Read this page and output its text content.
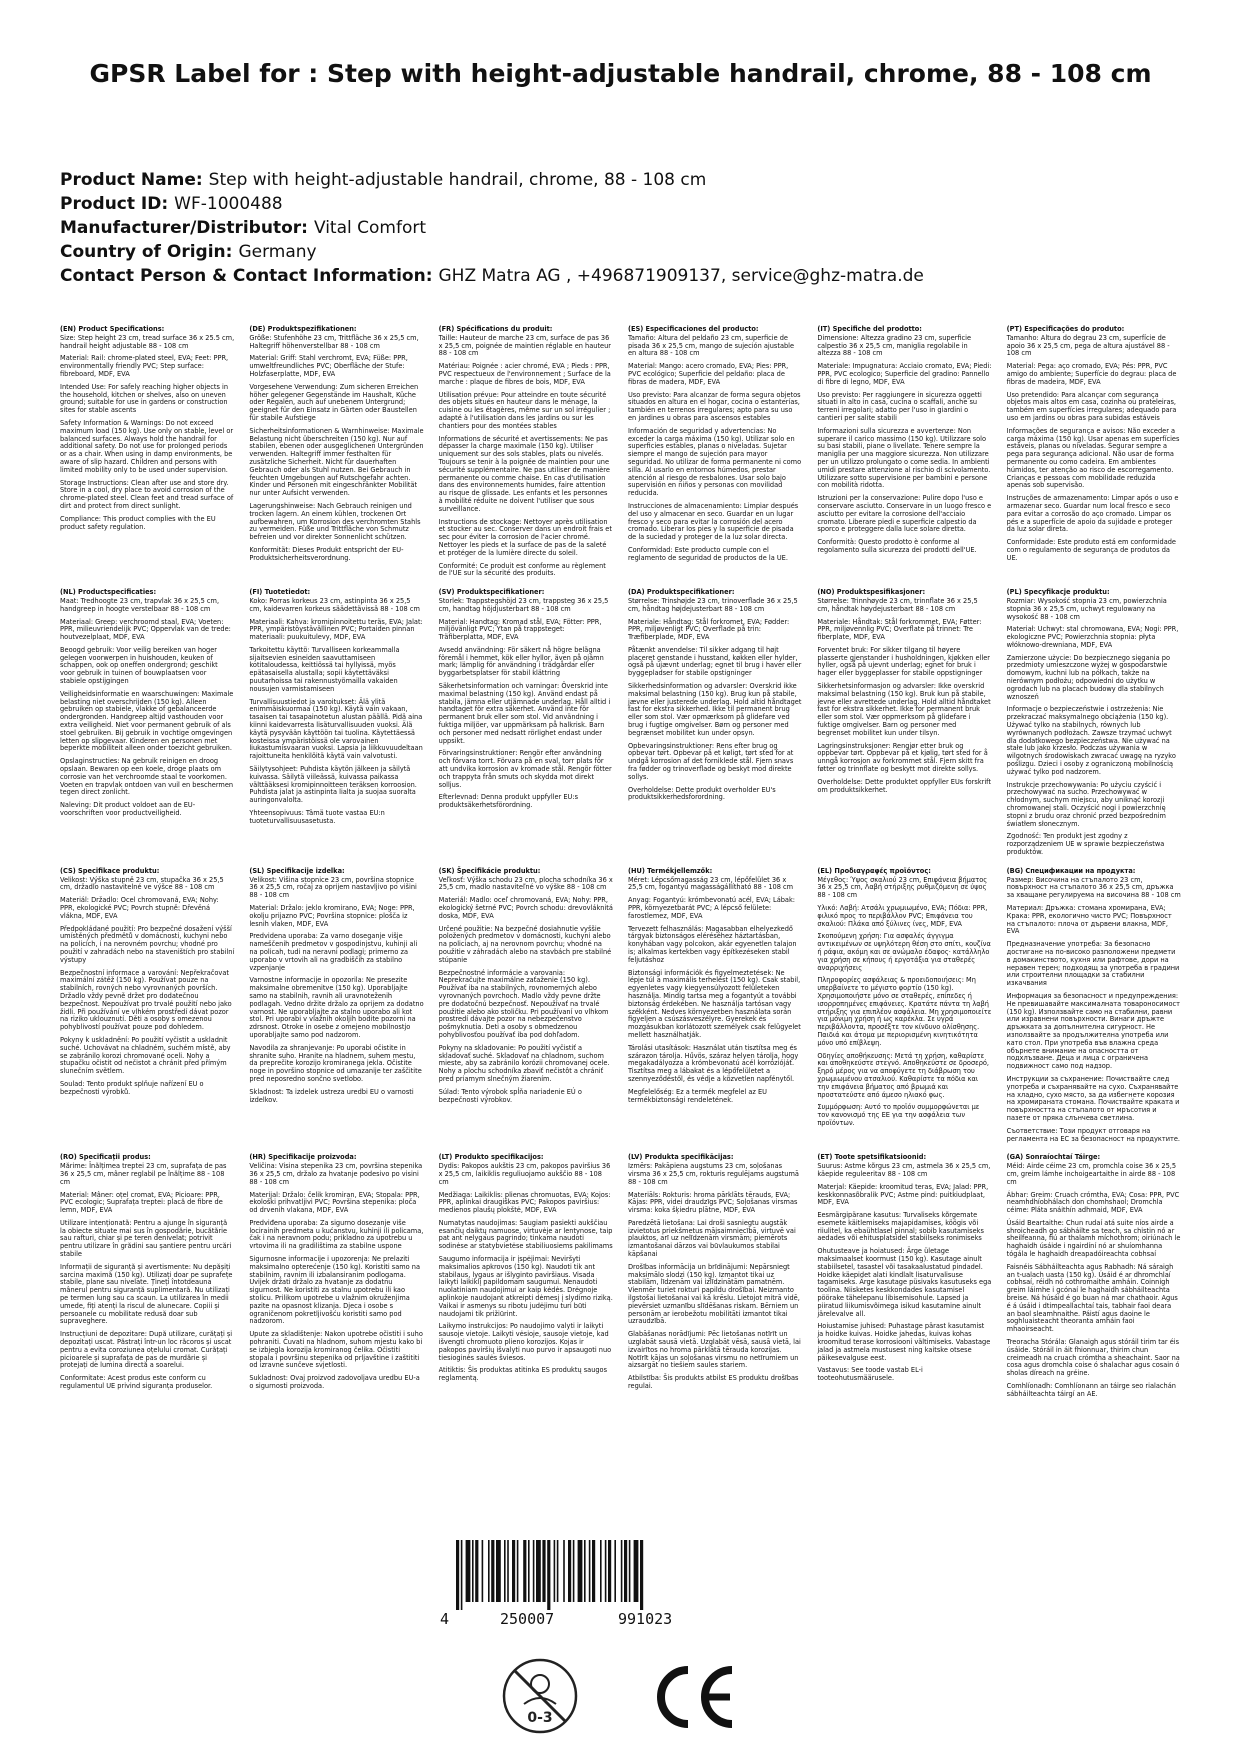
GPSR Label for : Step with height-adjustable handrail, chrome, 88 - 108 cm
Product Name: Step with height-adjustable handrail, chrome, 88 - 108 cm
Product ID: WF-1000488
Manufacturer/Distributor: Vital Comfort
Country of Origin: Germany
Contact Person & Contact Information: GHZ Matra AG , +496871909137, service@ghz-matra.de
(EN) Product Specifications:
Size: Step height 23 cm, tread surface 36 x 25.5 cm, handrail height adjustable 88 - 108 cm
Material: Rail: chrome-plated steel, EVA; Feet: PPR, environmentally friendly PVC; Step surface: fibreboard, MDF, EVA
Intended Use: For safely reaching higher objects in the household, kitchen or shelves, also on uneven ground; suitable for use in gardens or construction sites for stable ascents
Safety Information & Warnings: Do not exceed maximum load (150 kg). Use only on stable, level or balanced surfaces. Always hold the handrail for additional safety. Do not use for prolonged periods or as a chair. When using in damp environments, be aware of slip hazard. Children and persons with limited mobility only to be used under supervision.
Storage Instructions: Clean after use and store dry. Store in a cool, dry place to avoid corrosion of the chrome-plated steel. Clean feet and tread surface of dirt and protect from direct sunlight.
Compliance: This product complies with the EU product safety regulation.
(DE) Produktspezifikationen:
Größe: Stufenhöhe 23 cm, Trittfläche 36 x 25,5 cm, Haltegriff höhenverstellbar 88 - 108 cm
Material: Griff: Stahl verchromt, EVA; Füße: PPR, umweltfreundliches PVC; Oberfläche der Stufe: Holzfaserplatte, MDF, EVA
Vorgesehene Verwendung: Zum sicheren Erreichen höher gelegener Gegenstände im Haushalt, Küche oder Regalen, auch auf unebenem Untergrund; geeignet für den Einsatz in Gärten oder Baustellen für stabile Aufstiege
Sicherheitsinformationen & Warnhinweise: Maximale Belastung nicht überschreiten (150 kg). Nur auf stabilen, ebenen oder ausgeglichenen Untergründen verwenden. Haltegriff immer festhalten für zusätzliche Sicherheit. Nicht für dauerhaften Gebrauch oder als Stuhl nutzen. Bei Gebrauch in feuchten Umgebungen auf Rutschgefahr achten. Kinder und Personen mit eingeschränkter Mobilität nur unter Aufsicht verwenden.
Lagerungshinweise: Nach Gebrauch reinigen und trocken lagern. An einem kühlen, trockenen Ort aufbewahren, um Korrosion des verchromten Stahls zu vermeiden. Füße und Trittfläche von Schmutz befreien und vor direkter Sonnenlicht schützen.
Konformität: Dieses Produkt entspricht der EU-Produktsicherheitsverordnung.
(FR) Spécifications du produit:
Taille: Hauteur de marche 23 cm, surface de pas 36 x 25,5 cm, poignée de maintien réglable en hauteur 88 - 108 cm
Matériau: Poignée : acier chromé, EVA ; Pieds : PPR, PVC respectueux de l'environnement ; Surface de la marche : plaque de fibres de bois, MDF, EVA
Utilisation prévue: Pour atteindre en toute sécurité des objets situés en hauteur dans le ménage, la cuisine ou les étagères, même sur un sol irrégulier ; adapté à l'utilisation dans les jardins ou sur les chantiers pour des montées stables
Informations de sécurité et avertissements: Ne pas dépasser la charge maximale (150 kg). Utiliser uniquement sur des sols stables, plats ou nivelés. Toujours se tenir à la poignée de maintien pour une sécurité supplémentaire. Ne pas utiliser de manière permanente ou comme chaise. En cas d'utilisation dans des environnements humides, faire attention au risque de glissade. Les enfants et les personnes à mobilité réduite ne doivent l'utiliser que sous surveillance.
Instructions de stockage: Nettoyer après utilisation et stocker au sec. Conserver dans un endroit frais et sec pour éviter la corrosion de l'acier chromé. Nettoyer les pieds et la surface de pas de la saleté et protéger de la lumière directe du soleil.
Conformité: Ce produit est conforme au règlement de l'UE sur la sécurité des produits.
(ES) Especificaciones del producto:
Tamaño: Altura del peldaño 23 cm, superficie de pisada 36 x 25,5 cm, mango de sujeción ajustable en altura 88 - 108 cm
Material: Mango: acero cromado, EVA; Pies: PPR, PVC ecológico; Superficie del peldaño: placa de fibras de madera, MDF, EVA
Uso previsto: Para alcanzar de forma segura objetos situados en altura en el hogar, cocina o estanterías, también en terrenos irregulares; apto para su uso en jardines u obras para ascensos estables
Información de seguridad y advertencias: No exceder la carga máxima (150 kg). Utilizar solo en superficies estables, planas o niveladas. Sujetar siempre el mango de sujeción para mayor seguridad. No utilizar de forma permanente ni como silla. Al usarlo en entornos húmedos, prestar atención al riesgo de resbalones. Usar solo bajo supervisión en niños y personas con movilidad reducida.
Instrucciones de almacenamiento: Limpiar después del uso y almacenar en seco. Guardar en un lugar fresco y seco para evitar la corrosión del acero cromado. Liberar los pies y la superficie de pisada de la suciedad y proteger de la luz solar directa.
Conformidad: Este producto cumple con el reglamento de seguridad de productos de la UE.
(IT) Specifiche del prodotto:
Dimensione: Altezza gradino 23 cm, superficie calpestio 36 x 25,5 cm, maniglia regolabile in altezza 88 - 108 cm
Materiale: Impugnatura: Acciaio cromato, EVA; Piedi: PPR, PVC ecologico; Superficie del gradino: Pannello di fibre di legno, MDF, EVA
Uso previsto: Per raggiungere in sicurezza oggetti situati in alto in casa, cucina o scaffali, anche su terreni irregolari; adatto per l'uso in giardini o cantieri per salite stabili
Informazioni sulla sicurezza e avvertenze: Non superare il carico massimo (150 kg). Utilizzare solo su basi stabili, piane o livellate. Tenere sempre la maniglia per una maggiore sicurezza. Non utilizzare per un utilizzo prolungato o come sedia. In ambienti umidi prestare attenzione al rischio di scivolamento. Utilizzare sotto supervisione per bambini e persone con mobilità ridotta.
Istruzioni per la conservazione: Pulire dopo l'uso e conservare asciutto. Conservare in un luogo fresco e asciutto per evitare la corrosione dell'acciaio cromato. Liberare piedi e superficie calpestio da sporco e proteggere dalla luce solare diretta.
Conformità: Questo prodotto è conforme al regolamento sulla sicurezza dei prodotti dell'UE.
(PT) Especificações do produto:
Tamanho: Altura do degrau 23 cm, superfície de apoio 36 x 25,5 cm, pega de altura ajustável 88 - 108 cm
Material: Pega: aço cromado, EVA; Pés: PPR, PVC amigo do ambiente; Superfície do degrau: placa de fibras de madeira, MDF, EVA
Uso pretendido: Para alcançar com segurança objetos mais altos em casa, cozinha ou prateleiras, também em superfícies irregulares; adequado para uso em jardins ou obras para subidas estáveis
Informações de segurança e avisos: Não exceder a carga máxima (150 kg). Usar apenas em superfícies estáveis, planas ou niveladas. Segurar sempre a pega para segurança adicional. Não usar de forma permanente ou como cadeira. Em ambientes húmidos, ter atenção ao risco de escorregamento. Crianças e pessoas com mobilidade reduzida apenas sob supervisão.
Instruções de armazenamento: Limpar após o uso e armazenar seco. Guardar num local fresco e seco para evitar a corrosão do aço cromado. Limpar os pés e a superfície de apoio da sujidade e proteger da luz solar direta.
Conformidade: Este produto está em conformidade com o regulamento de segurança de produtos da UE.
(NL) Productspecificaties:
Maat: Tredhoogte 23 cm, trapvlak 36 x 25,5 cm, handgreep in hoogte verstelbaar 88 - 108 cm
Materiaal: Greep: verchroomd staal, EVA; Voeten: PPR, milieuvriendelijk PVC; Oppervlak van de trede: houtvezelplaat, MDF, EVA
Beoogd gebruik: Voor veilig bereiken van hoger gelegen voorwerpen in huishouden, keuken of schappen, ook op oneffen ondergrond; geschikt voor gebruik in tuinen of bouwplaatsen voor stabiele opstijgingen
Veiligheidsinformatie en waarschuwingen: Maximale belasting niet overschrijden (150 kg). Alleen gebruiken op stabiele, vlakke of gebalanceerde ondergronden. Handgreep altijd vasthouden voor extra veiligheid. Niet voor permanent gebruik of als stoel gebruiken. Bij gebruik in vochtige omgevingen letten op slipgevaar. Kinderen en personen met beperkte mobiliteit alleen onder toezicht gebruiken.
Opslaginstructies: Na gebruik reinigen en droog opslaan. Bewaren op een koele, droge plaats om corrosie van het verchroomde staal te voorkomen. Voeten en trapvlak ontdoen van vuil en beschermen tegen direct zonlicht.
Naleving: Dit product voldoet aan de EU-voorschriften voor productveiligheid.
(FI) Tuotetiedot:
Koko: Porras korkeus 23 cm, astinpinta 36 x 25,5 cm, kaidevarren korkeus säädettävissä 88 - 108 cm
Materiaali: Kahva: kromipinnoitettu teräs, EVA; Jalat: PPR, ympäristöystävällinen PVC; Portaiden pinnan materiaali: puukuitulevy, MDF, EVA
Tarkoitettu käyttö: Turvalliseen korkeammalla sijaitsevien esineiden saavuttamiseen kotitaloudessa, keittiössä tai hyllyissä, myös epätasaisella alustalla; sopii käytettäväksi puutarhoissa tai rakennustyömailla vakaiden nousujen varmistamiseen
Turvallisuustiedot ja varoitukset: Älä ylitä enimmäiskuormaa (150 kg). Käytä vain vakaan, tasaisen tai tasapainotetun alustan päällä. Pidä aina kiinni kaidevarresta lisäturvallisuuden vuoksi. Älä käytä pysyvään käyttöön tai tuolina. Käytettäessä kosteissa ympäristöissä ole varovainen liukastumisvaaran vuoksi. Lapsia ja liikkuvuudeltaan rajoittuneita henkilöitä käytä vain valvotusti.
Säilytysohjeet: Puhdista käytön jälkeen ja säilytä kuivassa. Säilytä viileässä, kuivassa paikassa välttääksesi kromipinnoitteen teräksen korroosion. Puhdista jalat ja astinpinta lialta ja suojaa suoralta auringonvalolta.
Yhteensopivuus: Tämä tuote vastaa EU:n tuoteturvallisuusasetusta.
(SV) Produktspecifikationer:
Storlek: Trappstegshöjd 23 cm, trappsteg 36 x 25,5 cm, handtag höjdjusterbart 88 - 108 cm
Material: Handtag: Kromad stål, EVA; Fötter: PPR, miljövänligt PVC; Ytan på trappsteget: Träfiberplatta, MDF, EVA
Avsedd användning: För säkert nå högre belägna föremål i hemmet, kök eller hyllor, även på ojämn mark; lämplig för användning i trädgårdar eller byggarbetsplatser för stabil klättring
Säkerhetsinformation och varningar: Överskrid inte maximal belastning (150 kg). Använd endast på stabila, jämna eller utjämnade underlag. Håll alltid i handtaget för extra säkerhet. Använd inte för permanent bruk eller som stol. Vid användning i fuktiga miljöer, var uppmärksam på halkrisk. Barn och personer med nedsatt rörlighet endast under uppsikt.
Förvaringsinstruktioner: Rengör efter användning och förvara torrt. Förvara på en sval, torr plats för att undvika korrosion av kromade stål. Rengör fötter och trappyta från smuts och skydda mot direkt solljus.
Efterlevnad: Denna produkt uppfyller EU:s produktsäkerhetsförordning.
(DA) Produktspecifikationer:
Størrelse: Trinshøjde 23 cm, trinoverflade 36 x 25,5 cm, håndtag højdejusterbart 88 - 108 cm
Materiale: Håndtag: Stål forkromet, EVA; Fødder: PPR, miljøvenligt PVC; Overflade på trin: Træfiberplade, MDF, EVA
Påtænkt anvendelse: Til sikker adgang til højt placeret genstande i husstand, køkken eller hylder, også på ujævnt underlag; egnet til brug i haver eller byggepladser for stabile opstigninger
Sikkerhedsinformation og advarsler: Overskrid ikke maksimal belastning (150 kg). Brug kun på stabile, jævne eller justerede underlag. Hold altid håndtaget fast for ekstra sikkerhed. Ikke til permanent brug eller som stol. Vær opmærksom på glidefare ved brug i fugtige omgivelser. Børn og personer med begrænset mobilitet kun under opsyn.
Opbevaringsinstruktioner: Rens efter brug og opbevar tørt. Opbevar på et køligt, tørt sted for at undgå korrosion af det forniklede stål. Fjern snavs fra fødder og trinoverflade og beskyt mod direkte sollys.
Overholdelse: Dette produkt overholder EU's produktsikkerhedsforordning.
(NO) Produktspesifikasjoner:
Størrelse: Trinnhøyde 23 cm, trinnflate 36 x 25,5 cm, håndtak høydejusterbart 88 - 108 cm
Materiale: Håndtak: Stål forkrommet, EVA; Føtter: PPR, miljøvennlig PVC; Overflate på trinnet: Tre fiberplate, MDF, EVA
Forventet bruk: For sikker tilgang til høyere plasserte gjenstander i husholdningen, kjøkken eller hyller, også på ujevnt underlag; egnet for bruk i hager eller byggeplasser for stabile oppstigninger
Sikkerhetsinformasjon og advarsler: Ikke overskrid maksimal belastning (150 kg). Bruk kun på stabile, jevne eller avrettede underlag. Hold alltid håndtaket fast for ekstra sikkerhet. Ikke for permanent bruk eller som stol. Vær oppmerksom på glidefare i fuktige omgivelser. Barn og personer med begrenset mobilitet kun under tilsyn.
Lagringsinstruksjoner: Rengjør etter bruk og oppbevar tørt. Oppbevar på et kjølig, tørt sted for å unngå korrosjon av forkrommet stål. Fjern skitt fra føtter og trinnflate og beskytt mot direkte sollys.
Overholdelse: Dette produktet oppfyller EUs forskrift om produktsikkerhet.
(PL) Specyfikacje produktu:
Rozmiar: Wysokość stopnia 23 cm, powierzchnia stopnia 36 x 25,5 cm, uchwyt regulowany na wysokość 88 - 108 cm
Materiał: Uchwyt: stal chromowana, EVA; Nogi: PPR, ekologiczne PVC; Powierzchnia stopnia: płyta włóknowo-drewniana, MDF, EVA
Zamierzone użycie: Do bezpiecznego sięgania po przedmioty umieszczone wyżej w gospodarstwie domowym, kuchni lub na półkach, także na nierównym podłożu; odpowiedni do użytku w ogrodach lub na placach budowy dla stabilnych wznoszeń
Informacje o bezpieczeństwie i ostrzeżenia: Nie przekraczać maksymalnego obciążenia (150 kg). Używać tylko na stabilnych, równych lub wyrównanych podłożach. Zawsze trzymać uchwyt dla dodatkowego bezpieczeństwa. Nie używać na stałe lub jako krzesło. Podczas używania w wilgotnych środowiskach zwracać uwagę na ryzyko poślizgu. Dzieci i osoby z ograniczoną mobilnością używać tylko pod nadzorem.
Instrukcje przechowywania: Po użyciu czyścić i przechowywać na sucho. Przechowywać w chłodnym, suchym miejscu, aby uniknąć korozji chromowanej stali. Oczyścić nogi i powierzchnię stopni z brudu oraz chronić przed bezpośrednim światłem słonecznym.
Zgodność: Ten produkt jest zgodny z rozporządzeniem UE w sprawie bezpieczeństwa produktów.
(CS) Specifikace produktu:
Velikost: Výška stupně 23 cm, stupačka 36 x 25,5 cm, držadlo nastavitelné ve výšce 88 - 108 cm
Materiál: Držadlo: Ocel chromovaná, EVA; Nohy: PPR, ekologické PVC; Povrch stupně: Dřevěná vlákna, MDF, EVA
Předpokládané použití: Pro bezpečné dosažení výšší umístěných předmětů v domácnosti, kuchyni nebo na policích, i na nerovném povrchu; vhodné pro použití v zahradách nebo na staveništích pro stabilní výstupy
Bezpečnostní informace a varování: Nepřekračovat maximální zátěž (150 kg). Používat pouze na stabilních, rovných nebo vyrovnaných površích. Držadlo vždy pevně držet pro dodatečnou bezpečnost. Nepoužívat pro trvalé použití nebo jako židli. Při používání ve vlhkém prostředí dávat pozor na riziko uklouznutí. Děti a osoby s omezenou pohyblivostí používat pouze pod dohledem.
Pokyny k uskladnění: Po použití vyčistit a uskladnit suché. Uchovávat na chladném, suchém místě, aby se zabránilo korozi chromované oceli. Nohy a stupačku očistit od nečistot a chránit před přímým slunečním světlem.
Soulad: Tento produkt splňuje nařízení EU o bezpečnosti výrobků.
(SL) Specifikacije izdelka:
Velikost: Višina stopnice 23 cm, površina stopnice 36 x 25,5 cm, ročaj za oprijem nastavljivo po višini 88 - 108 cm
Material: Držalo: jeklo kromirano, EVA; Noge: PPR, okolju prijazno PVC; Površina stopnice: plošča iz lesnih vlaken, MDF, EVA
Predvidena uporaba: Za varno doseganje višje nameščenih predmetov v gospodinjstvu, kuhinji ali na policah, tudi na neravni podlagi; primerno za uporabo v vrtovih ali na gradbiščih za stabilno vzpenjanje
Varnostne informacije in opozorila: Ne presezite maksimalne obremenitve (150 kg). Uporabljajte samo na stabilnih, ravnih ali uravnoteženih podlagah. Vedno držite držalo za oprijem za dodatno varnost. Ne uporabljajte za stalno uporabo ali kot stol. Pri uporabi v vlažnih okoljih bodite pozorni na zdrsnost. Otroke in osebe z omejeno mobilnostjo uporabljajte samo pod nadzorom.
Navodila za shranjevanje: Po uporabi očistite in shranite suho. Hranite na hladnem, suhem mestu, da preprečite korozijo kromiranega jekla. Očistite noge in površino stopnice od umazanije ter zaščitite pred neposredno sončno svetlobo.
Skladnost: Ta izdelek ustreza uredbi EU o varnosti izdelkov.
(SK) Špecifikácie produktu:
Veľkosť: Výška schodu 23 cm, plocha schodníka 36 x 25,5 cm, madlo nastaviteľné vo výške 88 - 108 cm
Materiál: Madlo: oceľ chromovaná, EVA; Nohy: PPR, ekologický šetrné PVC; Povrch schodu: drevovláknitá doska, MDF, EVA
Určené použitie: Na bezpečné dosiahnutie vyššie položených predmetov v domácnosti, kuchyni alebo na policiach, aj na nerovnom povrchu; vhodné na použitie v záhradách alebo na stavbách pre stabilné stúpanie
Bezpečnostné informácie a varovania: Neprekračujte maximálne zaťaženie (150 kg). Používať iba na stabilných, rovnomerných alebo vyrovnaných povrchoch. Madlo vždy pevne držte pre dodatočnú bezpečnosť. Nepoužívať na trvalé použitie alebo ako stoličku. Pri používaní vo vlhkom prostredí dávajte pozor na nebezpečenstvo pošmyknutia. Deti a osoby s obmedzenou pohyblivosťou používať iba pod dohľadom.
Pokyny na skladovanie: Po použití vyčistiť a skladovať suché. Skladovať na chladnom, suchom mieste, aby sa zabránilo korózii chromovanej ocele. Nohy a plochu schodníka zbaviť nečistôt a chrániť pred priamym slnečným žiarením.
Súlad: Tento výrobok spĺňa nariadenie EÚ o bezpečnosti výrobkov.
(HU) Termékjellemzők:
Méret: Lépcsőmagasság 23 cm, lépőfelület 36 x 25,5 cm, fogantyú magasságállítható 88 - 108 cm
Anyag: Fogantyú: krómbevonatú acél, EVA; Lábak: PPR, környezetbarát PVC; A lépcső felülete: farostlemez, MDF, EVA
Tervezett felhasználás: Magasabban elhelyezkedő tárgyak biztonságos eléréséhez háztartásban, konyhában vagy polcokon, akár egyenetlen talajon is; alkalmas kertekben vagy építkezéseken stabil feljutáshoz
Biztonsági információk és figyelmeztetések: Ne lépje túl a maximális terhelést (150 kg). Csak stabil, egyenletes vagy kiegyensúlyozott felületeken használja. Mindig tartsa meg a fogantyút a további biztonság érdekében. Ne használja tartósan vagy székként. Nedves környezetben használata során figyeljen a csúszásveszélyre. Gyerekek és mozgásukban korlátozott személyek csak felügyelet mellett használhatják.
Tárolási utasítások: Használat után tisztítsa meg és szárazon tárolja. Hűvös, száraz helyen tárolja, hogy megakadályozza a krómbevonatú acél korrózióját. Tisztítsa meg a lábakat és a lépőfelületet a szennyeződéstől, és védje a közvetlen napfénytől.
Megfelelőség: Ez a termék megfelel az EU termékbiztonsági rendeletének.
(EL) Προδιαγραφές προϊόντος:
Μέγεθος: Ύψος σκαλιού 23 cm, Επιφάνεια βήματος 36 x 25,5 cm, Λαβή στήριξης ρυθμιζόμενη σε ύψος 88 - 108 cm
Υλικό: Λαβή: Ατσάλι χρωμιωμένο, EVA; Πόδια: PPR, φιλικό προς το περιβάλλον PVC; Επιφάνεια του σκαλιού: Πλάκα από ξύλινες ίνες, MDF, EVA
Σκοπούμενη χρήση: Για ασφαλές άγγιγμα αντικειμένων σε υψηλότερη θέση στο σπίτι, κουζίνα ή ράφια, ακόμη και σε ανώμαλο έδαφος· κατάλληλο για χρήση σε κήπους ή εργοτάξια για σταθερές αναρριχήσεις
Πληροφορίες ασφάλειας & προειδοποιήσεις: Μη υπερβαίνετε το μέγιστο φορτίο (150 kg). Χρησιμοποιήστε μόνο σε σταθερές, επίπεδες ή ισορροπημένες επιφάνειες. Κρατάτε πάντα τη λαβή στήριξης για επιπλέον ασφάλεια. Μη χρησιμοποιείτε για μόνιμη χρήση ή ως καρέκλα. Σε υγρά περιβάλλοντα, προσέξτε τον κίνδυνο ολίσθησης. Παιδιά και άτομα με περιορισμένη κινητικότητα μόνο υπό επίβλεψη.
Οδηγίες αποθήκευσης: Μετά τη χρήση, καθαρίστε και αποθηκεύστε στεγνό. Αποθηκεύστε σε δροσερό, ξηρό μέρος για να αποφύγετε τη διάβρωση του χρωμιωμένου ατσαλιού. Καθαρίστε τα πόδια και την επιφάνεια βήματος από βρωμιά και προστατεύστε από άμεσο ηλιακό φως.
Συμμόρφωση: Αυτό το προϊόν συμμορφώνεται με τον κανονισμό της ΕΕ για την ασφάλεια των προϊόντων.
(BG) Спецификации на продукта:
Размер: Височина на стъпалото 23 cm, повърхност на стъпалото 36 x 25,5 cm, дръжка за хващане регулируема на височина 88 - 108 cm
Материал: Дръжка: стомана хромирана, EVA; Крака: PPR, екологично чисто PVC; Повърхност на стъпалото: плоча от дървени влакна, MDF, EVA
Предназначение употреба: За безопасно достигане на по-високо разположени предмети в домакинството, кухня или рафтове, дори на неравен терен; подходящ за употреба в градини или строителни площадки за стабилни изкачвания
Информация за безопасност и предупреждения: Не превишавайте максималната товароносимост (150 kg). Използвайте само на стабилни, равни или изравнени повърхности. Винаги дръжте дръжката за допълнителна сигурност. Не използвайте за продължителна употреба или като стол. При употреба във влажна среда обърнете внимание на опасността от подхлъзване. Деца и лица с ограничена подвижност само под надзор.
Инструкции за съхранение: Почиствайте след употреба и съхранявайте на сухо. Съхранявайте на хладно, сухо място, за да избегнете корозия на хромираната стомана. Почиствайте краката и повърхността на стъпалото от мръсотия и пазете от пряка слънчева светлина.
Съответствие: Този продукт отговаря на регламента на ЕС за безопасност на продуктите.
(RO) Specificații produs:
Mărime: Înălțimea treptei 23 cm, suprafața de pas 36 x 25,5 cm, mâner reglabil pe înălțime 88 - 108 cm
Material: Mâner: oțel cromat, EVA; Picioare: PPR, PVC ecologic; Suprafața treptei: placă de fibre de lemn, MDF, EVA
Utilizare intenționată: Pentru a ajunge în siguranță la obiecte situate mai sus în gospodărie, bucătărie sau rafturi, chiar și pe teren denivelat; potrivit pentru utilizare în grădini sau șantiere pentru urcări stabile
Informații de siguranță și avertismente: Nu depășiți sarcina maximă (150 kg). Utilizați doar pe suprafețe stabile, plane sau nivelate. Țineți întotdeauna mânerul pentru siguranță suplimentară. Nu utilizați pe termen lung sau ca scaun. La utilizarea în medii umede, fiți atenți la riscul de alunecare. Copiii și persoanele cu mobilitate redusă doar sub supraveghere.
Instrucțiuni de depozitare: După utilizare, curățați și depozitați uscat. Păstrați într-un loc răcoros și uscat pentru a evita coroziunea oțelului cromat. Curățați picioarele și suprafața de pas de murdărie și protejați de lumina directă a soarelui.
Conformitate: Acest produs este conform cu regulamentul UE privind siguranța produselor.
(HR) Specifikacije proizvoda:
Veličina: Visina stepenika 23 cm, površina stepenika 36 x 25,5 cm, držalo za hvatanje podesivo po visini 88 - 108 cm
Materijal: Držalo: čelik kromiran, EVA; Stopala: PPR, ekološki prihvatljivi PVC; Površina stepenika: ploča od drvenih vlakana, MDF, EVA
Predviđena uporaba: Za sigurno dosezanje više locirainih predmeta u kućanstvu, kuhinji ili policama, čak i na neravnom podu; prikladno za upotrebu u vrtovima ili na gradilištima za stabilne uspone
Sigurnosne informacije i upozorenja: Ne prelaziti maksimalno opterećenje (150 kg). Koristiti samo na stabilnim, ravnim ili izbalansiranim podlogama. Uvijek držati držalo za hvatanje za dodatnu sigurnost. Ne koristiti za stalnu upotrebu ili kao stolicu. Prilikom upotrebe u vlažnim okruženjima pazite na opasnost klizanja. Djeca i osobe s ograničenom pokretljivošću koristiti samo pod nadzorom.
Upute za skladištenje: Nakon upotrebe očistiti i suho pohraniti. Čuvati na hladnom, suhom mjestu kako bi se izbjegla korozija kromiranog čelika. Očistiti stopala i površinu stepenika od prljavštine i zaštititi od izravne sunčeve svjetlosti.
Sukladnost: Ovaj proizvod zadovoljava uredbu EU-a o sigurnosti proizvoda.
(LT) Produkto specifikacijos:
Dydis: Pakopos aukštis 23 cm, pakopos paviršius 36 x 25,5 cm, laikiklis reguliuojamo aukščio 88 - 108 cm
Medžiaga: Laikiklis: plienas chromuotas, EVA; Kojos: PPR, aplinkai draugiškas PVC; Pakopos paviršius: medienos plaušų plokštė, MDF, EVA
Numatytas naudojimas: Saugiam pasiekti aukščiau esančių daiktų namuose, virtuvėje ar lentynose, taip pat ant nelygaus pagrindo; tinkama naudoti sodinėse ar statybvietėse stabiliuosiems pakilimams
Saugumo informacija ir įspėjimai: Neviršyti maksimalios apkrovos (150 kg). Naudoti tik ant stabilaus, lygaus ar išlyginto paviršiaus. Visada laikyti laikiklį papildomam saugumui. Nenaudoti nuolatiniam naudojimui ar kaip kėdės. Drėgnoje aplinkoje naudojant atkreipti dėmesį į slydimo riziką. Vaikai ir asmenys su ribotu judėjimu turi būti naudojami tik prižiūrint.
Laikymo instrukcijos: Po naudojimo valyti ir laikyti sausoje vietoje. Laikyti vėsioje, sausoje vietoje, kad išvengti chromuoto plieno korozijos. Kojas ir pakopos paviršių išvalyti nuo purvo ir apsaugoti nuo tiesioginės saulės šviesos.
Atitiktis: Šis produktas atitinka ES produktų saugos reglamentą.
(LV) Produkta specifikācijas:
Izmērs: Pakāpiena augstums 23 cm, soļošanas virsma 36 x 25,5 cm, rokturis regulējams augstumā 88 - 108 cm
Materiāls: Rokturis: hroma pārklāts tērauds, EVA; Kājas: PPR, videi draudzīgs PVC; Soļošanas virsmas virsma: koka šķiedru plātne, MDF, EVA
Paredzētā lietošana: Lai droši sasniegtu augstāk izvietotus priekšmetus mājsaimniecībā, virtuvē vai plauktos, arī uz nelīdzenām virsmām; piemērots izmantošanai dārzos vai būvlaukumos stabilai kāpšanai
Drošības informācija un brīdinājumi: Nepārsniegt maksimālo slodzi (150 kg). Izmantot tikai uz stabilām, līdzenām vai izlīdzinātām pamatnēm. Vienmēr turiet rokturi papildu drošībai. Neizmanto ilgstošai lietošanai vai kā krēslu. Lietojot mitrā vidē, pievērsiet uzmanību slīdēšanas riskam. Bērniem un personām ar ierobežotu mobilitāti izmantot tikai uzraudzībā.
Glabāšanas norādījumi: Pēc lietošanas notīrīt un uzglabāt sausā vietā. Uzglabāt vēsā, sausā vietā, lai izvairītos no hroma pārklātā tērauda korozijas. Notīrīt kājas un soļošanas virsmu no netīrumiem un aizsargāt no tiešiem saules stariem.
Atbilstība: Šis produkts atbilst ES produktu drošības regulai.
(ET) Toote spetsifikatsioonid:
Suurus: Astme kõrgus 23 cm, astmela 36 x 25,5 cm, käepide reguleeritav 88 - 108 cm
Materjal: Käepide: kroomitud teras, EVA; Jalad: PPR, keskkonnasõbralik PVC; Astme pind: puitkiudplaat, MDF, EVA
Eesmärgipärane kasutus: Turvaliseks kõrgemate esemete käitlemiseks majapidamises, köögis või riiulitel, ka ebaühtlasel pinnal; sobib kasutamiseks aedades või ehitusplatsidel stabiilseks ronimiseks
Ohutusteave ja hoiatused: Ärge ületage maksimaalset koormust (150 kg). Kasutage ainult stabiilsetel, tasastel või tasakaalustatud pindadel. Hoidke käepidet alati kindlalt lisaturvalisuse tagamiseks. Ärge kasutage püsivaks kasutuseks ega toolina. Niisketes keskkondades kasutamisel pöörake tähelepanu libisemisohule. Lapsed ja piiratud liikumisvõimega isikud kasutamine ainult järelevalve all.
Hoiustamise juhised: Puhastage pärast kasutamist ja hoidke kuivas. Hoidke jahedas, kuivas kohas kroomitud terase korrosiooni vältimiseks. Vabastage jalad ja astmela mustusest ning kaitske otsese päikesevalguse eest.
Vastavus: See toode vastab EL-i tooteohutusmäärusele.
(GA) Sonraíochtaí Táirge:
Méid: Airde céime 23 cm, promchla coise 36 x 25,5 cm, greim lámhe inchoigeartaithe in airde 88 - 108 cm
Ábhar: Greim: Cruach crómtha, EVA; Cosa: PPR, PVC neamhdhíobhálach don chomhshaol; Dromchla céime: Pláta snáithín adhmaid, MDF, EVA
Úsáid Beartaithe: Chun rudaí atá suite níos airde a shroicheadh go sábháilte sa teach, sa chistin nó ar sheilfeanna, fiú ar thalamh míchothrom; oiriúnach le haghaidh úsáide i ngairdíní nó ar shuíomhanna tógála le haghaidh dreapadóireachta cobhsaí
Faisnéis Sábháilteachta agus Rabhadh: Ná sáraigh an t-ualach uasta (150 kg). Úsáid é ar dhromchlaí cobhsaí, réidh nó cothromaithe amháin. Coinnigh greim láimhe i gcónaí le haghaidh sábháilteachta breise. Ná húsáid é go buan ná mar chathaoir. Agus é á úsáid i dtimpeallachtaí tais, tabhair faoi deara an baol sleamhnaithe. Páistí agus daoine le soghluaisteacht theoranta amháin faoi mhaoirseacht.
Treoracha Stórála: Glanaigh agus stóráil tirim tar éis úsáide. Stóráil in áit fhionnuar, thirim chun creimeadh na cruach crómtha a sheachaint. Saor na cosa agus dromchla coise ó shalachar agus cosain ó sholas díreach na gréine.
Comhlíonadh: Comhlíonann an táirge seo rialachán sábháilteachta táirgí an AE.
4	250007	991023
0-3
